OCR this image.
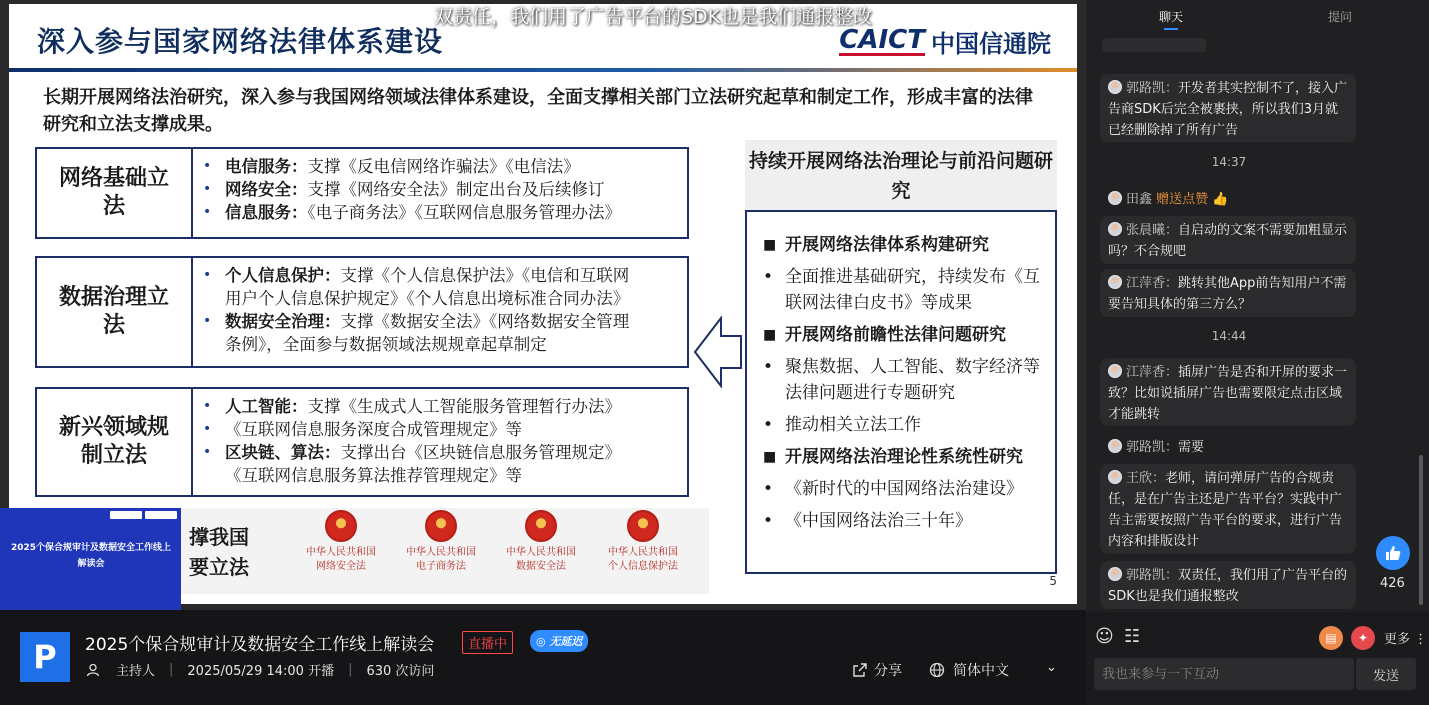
深入参与国家网络法律体系建设	CAICT 中国信通院
长期开展网络法治研究，深入参与我国网络领域法律体系建设，全面支撑相关部门立法研究起草和制定工作，形成丰富的法律研究和立法支撑成果。
网络基础立法
• 电信服务：支撑《反电信网络诈骗法》《电信法》
• 网络安全：支撑《网络安全法》制定出台及后续修订
• 信息服务：《电子商务法》《互联网信息服务管理办法》
数据治理立法
• 个人信息保护：支撑《个人信息保护法》《电信和互联网
用户个人信息保护规定》《个人信息出境标准合同办法》
• 数据安全治理：支撑《数据安全法》《网络数据安全管理
条例》，全面参与数据领域法规规章起草制定
新兴领域规制立法
• 人工智能：支撑《生成式人工智能服务管理暂行办法》
• 《互联网信息服务深度合成管理规定》等
• 区块链、算法：支撑出台《区块链信息服务管理规定》
《互联网信息服务算法推荐管理规定》等
持续开展网络法治理论与前沿问题研究
■ 开展网络法律体系构建研究
• 全面推进基础研究，持续发布《互联网法律白皮书》等成果
■ 开展网络前瞻性法律问题研究
• 聚焦数据、人工智能、数字经济等法律问题进行专题研究
• 推动相关立法工作
■ 开展网络法治理论性系统性研究
• 《新时代的中国网络法治建设》
• 《中国网络法治三十年》
5
撑我国
要立法
中华人民共和国
网络安全法
中华人民共和国
电子商务法
中华人民共和国
数据安全法
中华人民共和国
个人信息保护法
2025个保合规审计及数据安全工作线上解读会
双责任，我们用了广告平台的SDK也是我们通报整改
P	2025个保合规审计及数据安全工作线上解读会	直播中	◎ 无延迟
主持人 | 2025/05/29 14:00 开播 | 630 次访问	分享	简体中文	⌄
聊天	提问
郭路凯：开发者其实控制不了，接入广告商SDK后完全被裹挟，所以我们3月就已经删除掉了所有广告
14:37
田鑫 赠送点赞 👍
张晨曦：自启动的文案不需要加粗显示吗？不合规吧
江萍香：跳转其他App前告知用户不需要告知具体的第三方么？
14:44
江萍香：插屏广告是否和开屏的要求一致？比如说插屏广告也需要限定点击区域才能跳转
郭路凯：需要
王欣：老师，请问弹屏广告的合规责任，是在广告主还是广告平台？实践中广告主需要按照广告平台的要求，进行广告内容和排版设计
郭路凯：双责任，我们用了广告平台的SDK也是我们通报整改
426
☺ ☷	▤	✦	更多 ⋮
我也来参与一下互动
发送
